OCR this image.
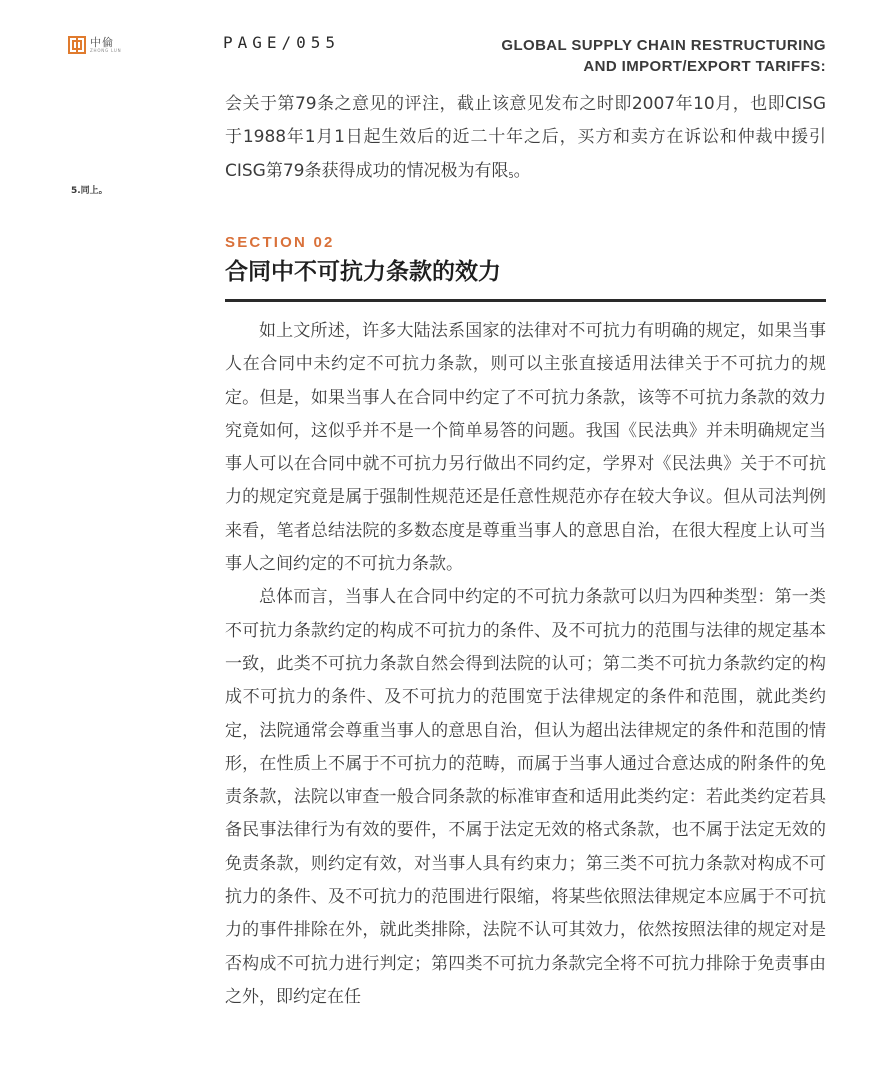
中倫
ZHONG LUN	PAGE/055	GLOBAL SUPPLY CHAIN RESTRUCTURING
AND IMPORT/EXPORT TARIFFS:

会关于第79条之意见的评注，截止该意见发布之时即2007年10月，也即CISG于1988年1月1日起生效后的近二十年之后，买方和卖方在诉讼和仲裁中援引CISG第79条获得成功的情况极为有限$^5$。

5.同上。
SECTION 02
合同中不可抗力条款的效力

如上文所述，许多大陆法系国家的法律对不可抗力有明确的规定，如果当事人在合同中未约定不可抗力条款，则可以主张直接适用法律关于不可抗力的规定。但是，如果当事人在合同中约定了不可抗力条款，该等不可抗力条款的效力究竟如何，这似乎并不是一个简单易答的问题。我国《民法典》并未明确规定当事人可以在合同中就不可抗力另行做出不同约定，学界对《民法典》关于不可抗力的规定究竟是属于强制性规范还是任意性规范亦存在较大争议。但从司法判例来看，笔者总结法院的多数态度是尊重当事人的意思自治，在很大程度上认可当事人之间约定的不可抗力条款。

总体而言，当事人在合同中约定的不可抗力条款可以归为四种类型：第一类不可抗力条款约定的构成不可抗力的条件、及不可抗力的范围与法律的规定基本一致，此类不可抗力条款自然会得到法院的认可；第二类不可抗力条款约定的构成不可抗力的条件、及不可抗力的范围宽于法律规定的条件和范围，就此类约定，法院通常会尊重当事人的意思自治，但认为超出法律规定的条件和范围的情形，在性质上不属于不可抗力的范畴，而属于当事人通过合意达成的附条件的免责条款，法院以审查一般合同条款的标准审查和适用此类约定：若此类约定若具备民事法律行为有效的要件，不属于法定无效的格式条款，也不属于法定无效的免责条款，则约定有效，对当事人具有约束力；第三类不可抗力条款对构成不可抗力的条件、及不可抗力的范围进行限缩，将某些依照法律规定本应属于不可抗力的事件排除在外，就此类排除，法院不认可其效力，依然按照法律的规定对是否构成不可抗力进行判定；第四类不可抗力条款完全将不可抗力排除于免责事由之外，即约定在任
